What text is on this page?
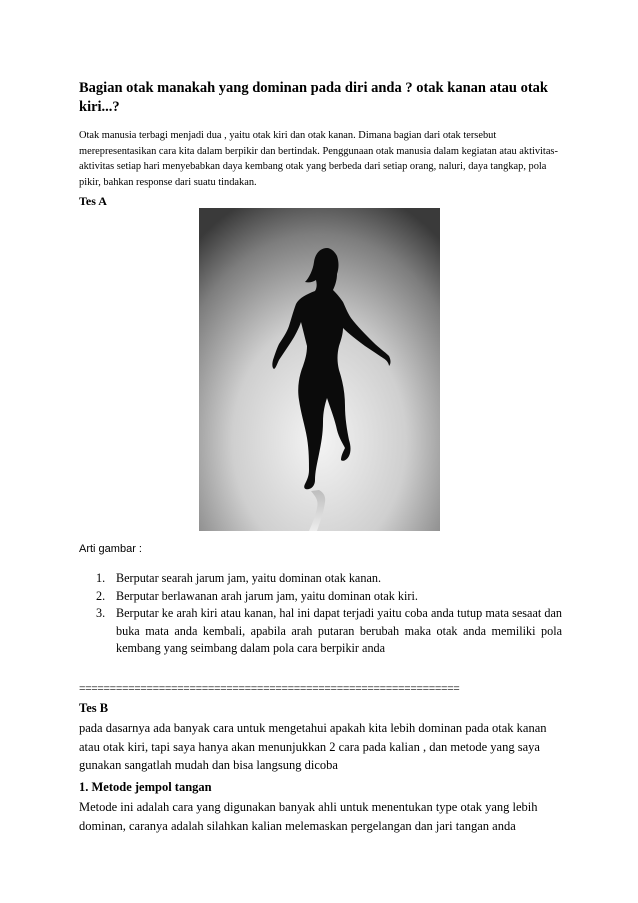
Bagian otak manakah yang dominan pada diri anda ? otak kanan atau otak kiri...?
Otak manusia terbagi menjadi dua , yaitu otak kiri dan otak kanan. Dimana bagian dari otak tersebut merepresentasikan cara kita dalam berpikir dan bertindak. Penggunaan otak manusia dalam kegiatan atau aktivitas-aktivitas setiap hari menyebabkan daya kembang otak yang berbeda dari setiap orang, naluri, daya tangkap, pola pikir, bahkan response dari suatu tindakan.
Tes A
Arti gambar :
1. Berputar searah jarum jam, yaitu dominan otak kanan.
2. Berputar berlawanan arah jarum jam, yaitu dominan otak kiri.
3. Berputar ke arah kiri atau kanan, hal ini dapat terjadi yaitu coba anda tutup mata sesaat dan buka mata anda kembali, apabila arah putaran berubah maka otak anda memiliki pola kembang yang seimbang dalam pola cara berpikir anda
==============================================================
Tes B
pada dasarnya ada banyak cara untuk mengetahui apakah kita lebih dominan pada otak kanan atau otak kiri, tapi saya hanya akan menunjukkan 2 cara pada kalian , dan metode yang saya gunakan sangatlah mudah dan bisa langsung dicoba
1. Metode jempol tangan
Metode ini adalah cara yang digunakan banyak ahli untuk menentukan type otak yang lebih dominan, caranya adalah silahkan kalian melemaskan pergelangan dan jari tangan anda
